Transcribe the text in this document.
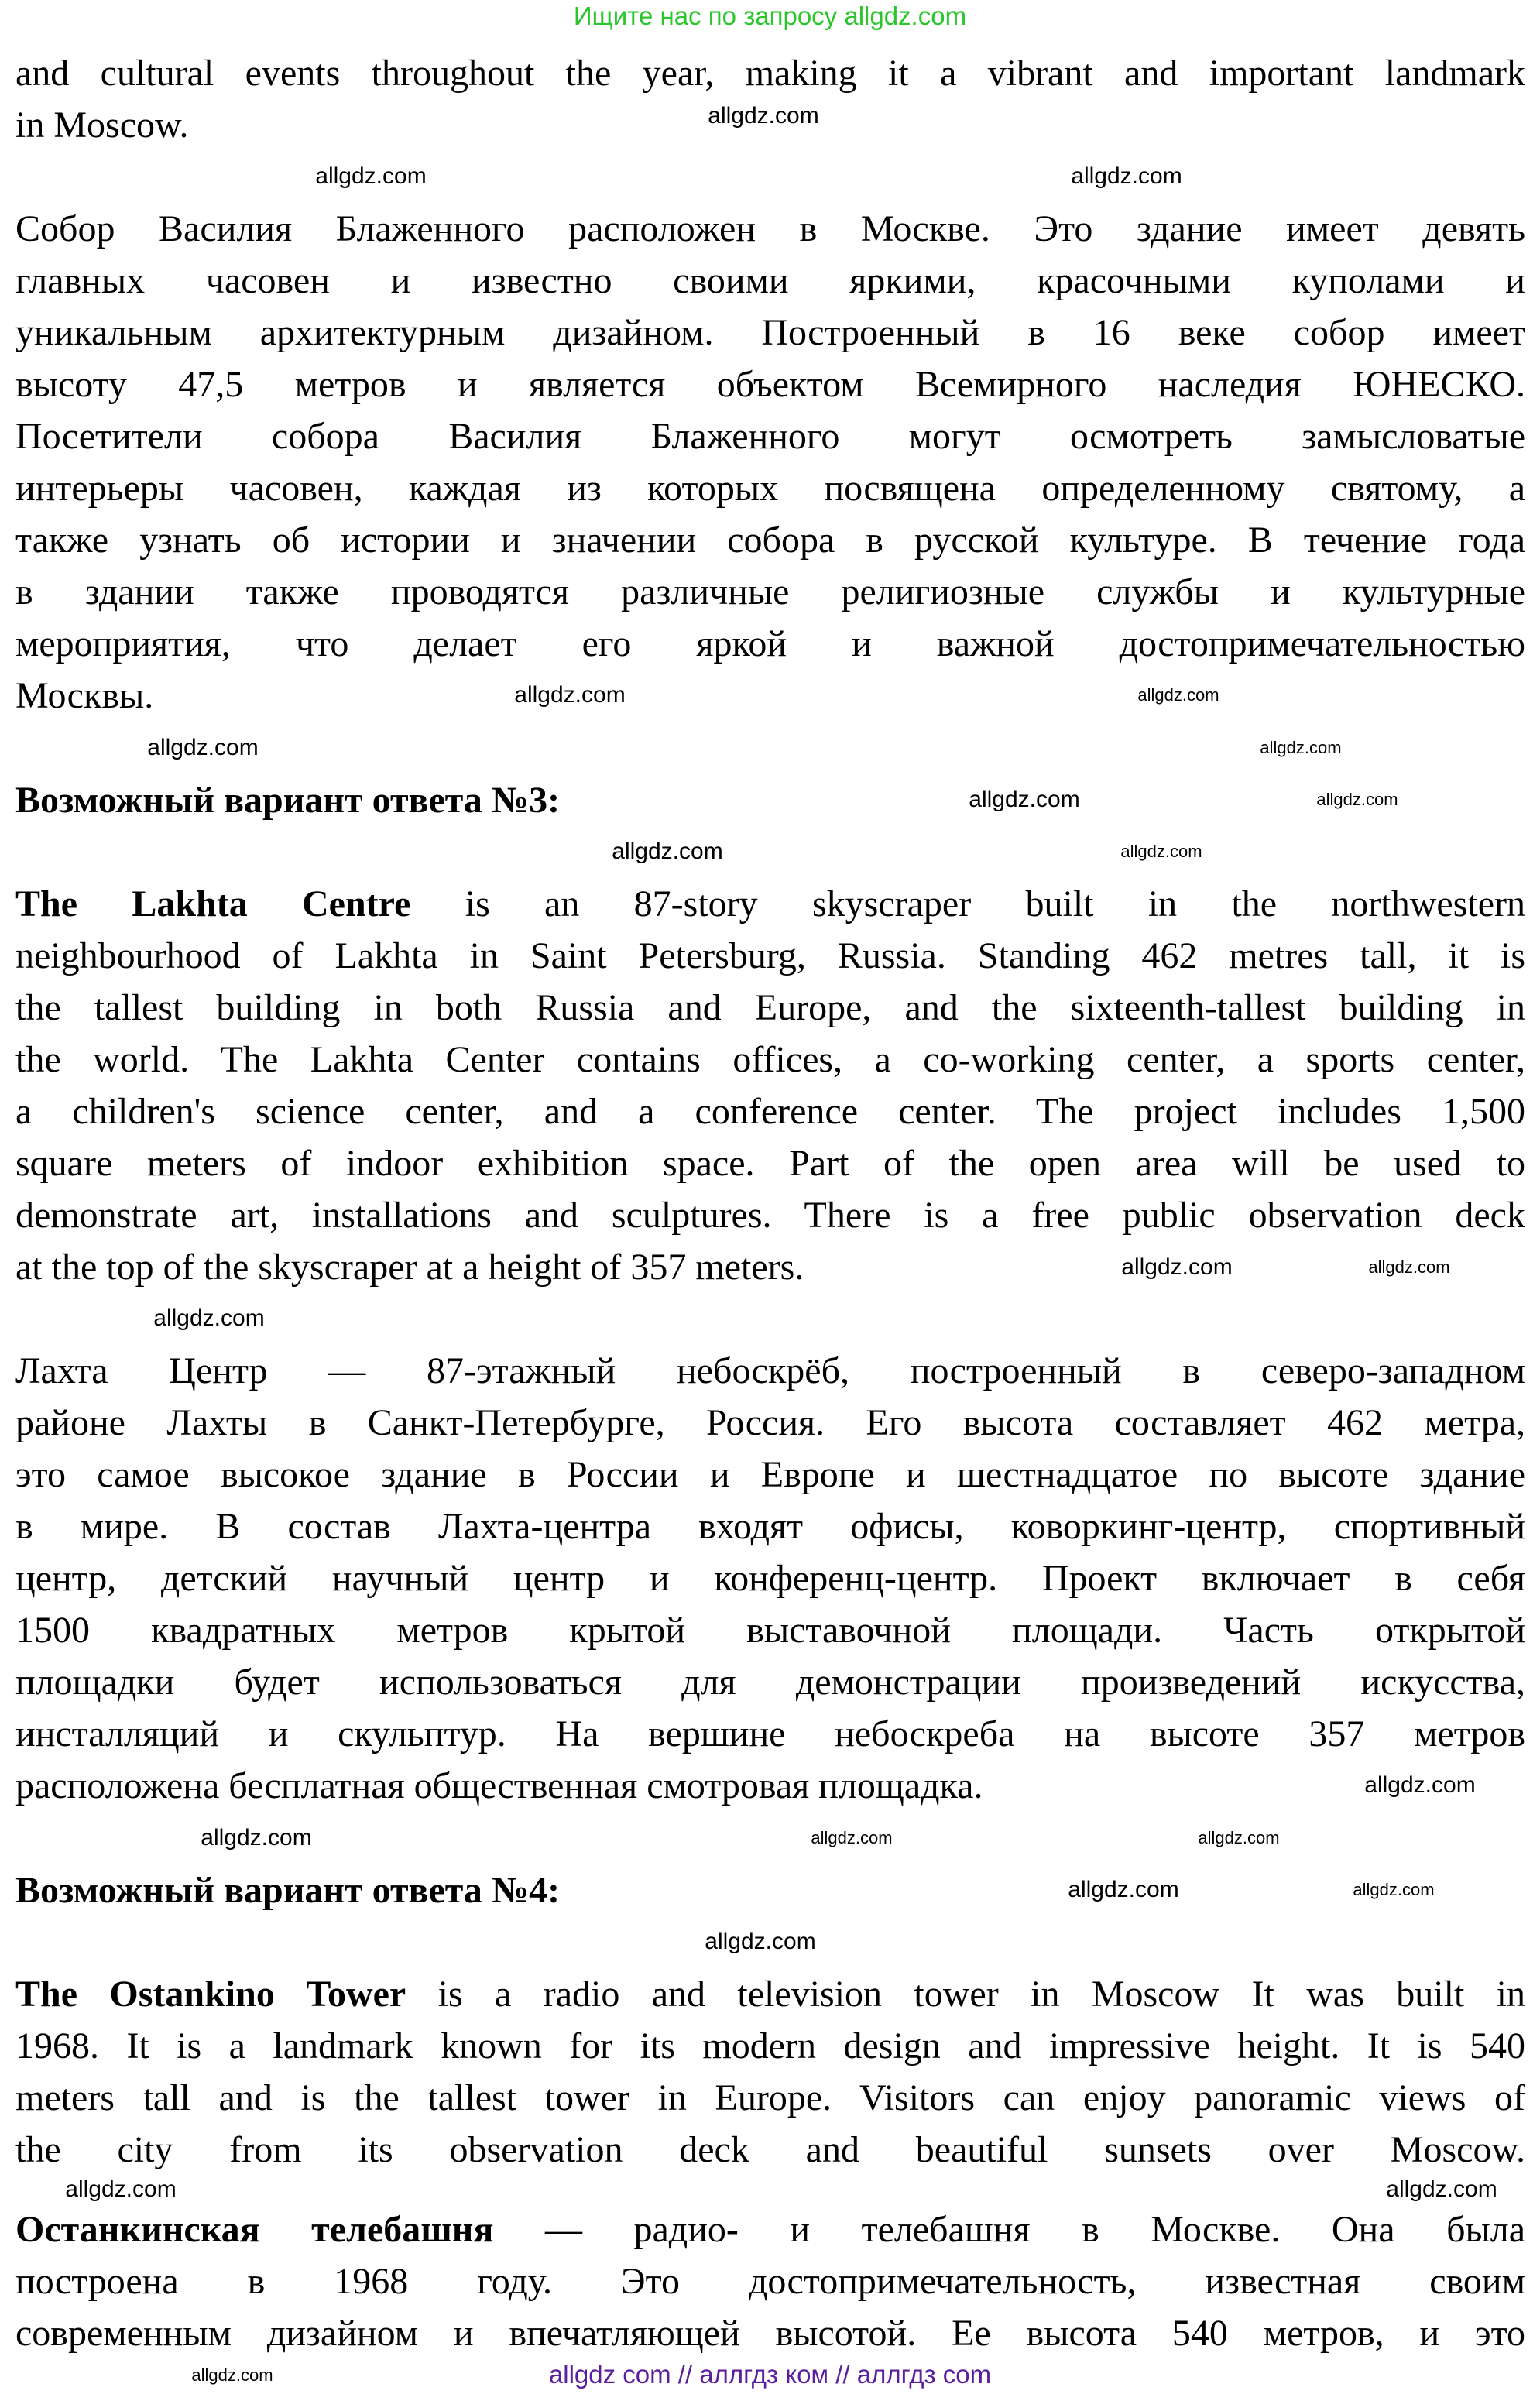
Ищите нас по запросу allgdz.com
and cultural events throughout the year, making it a vibrant and important landmark
in Moscow.
Собор Василия Блаженного расположен в Москве. Это здание имеет девять
главных часовен и известно своими яркими, красочными куполами и
уникальным архитектурным дизайном. Построенный в 16 веке собор имеет
высоту 47,5 метров и является объектом Всемирного наследия ЮНЕСКО.
Посетители собора Василия Блаженного могут осмотреть замысловатые
интерьеры часовен, каждая из которых посвящена определенному святому, а
также узнать об истории и значении собора в русской культуре. В течение года
в здании также проводятся различные религиозные службы и культурные
мероприятия, что делает его яркой и важной достопримечательностью
Москвы.
Возможный вариант ответа №3:
The Lakhta Centre is an 87-story skyscraper built in the northwestern
neighbourhood of Lakhta in Saint Petersburg, Russia. Standing 462 metres tall, it is
the tallest building in both Russia and Europe, and the sixteenth-tallest building in
the world. The Lakhta Center contains offices, a co-working center, a sports center,
a children's science center, and a conference center. The project includes 1,500
square meters of indoor exhibition space. Part of the open area will be used to
demonstrate art, installations and sculptures. There is a free public observation deck
at the top of the skyscraper at a height of 357 meters.
Лахта Центр — 87-этажный небоскрёб, построенный в северо-западном
районе Лахты в Санкт-Петербурге, Россия. Его высота составляет 462 метра,
это самое высокое здание в России и Европе и шестнадцатое по высоте здание
в мире. В состав Лахта-центра входят офисы, коворкинг-центр, спортивный
центр, детский научный центр и конференц-центр. Проект включает в себя
1500 квадратных метров крытой выставочной площади. Часть открытой
площадки будет использоваться для демонстрации произведений искусства,
инсталляций и скульптур. На вершине небоскреба на высоте 357 метров
расположена бесплатная общественная смотровая площадка.
Возможный вариант ответа №4:
The Ostankino Tower is a radio and television tower in Moscow It was built in
1968. It is a landmark known for its modern design and impressive height. It is 540
meters tall and is the tallest tower in Europe. Visitors can enjoy panoramic views of
the city from its observation deck and beautiful sunsets over Moscow.
Останкинская телебашня — радио- и телебашня в Москве. Она была
построена в 1968 году. Это достопримечательность, известная своим
современным дизайном и впечатляющей высотой. Ее высота 540 метров, и это
allgdz.com
allgdz.com	allgdz.com
allgdz.com
allgdz.com
allgdz.com
allgdz.com
allgdz.com	allgdz.com
allgdz.com	allgdz.com
allgdz.com
allgdz.com
allgdz.com
allgdz.com	allgdz.com
allgdz.com
allgdz.com
allgdz.com
allgdz.com
allgdz.com
allgdz.com
allgdz.com
allgdz.com	allgdz com // аллгдз ком // аллгдз com
